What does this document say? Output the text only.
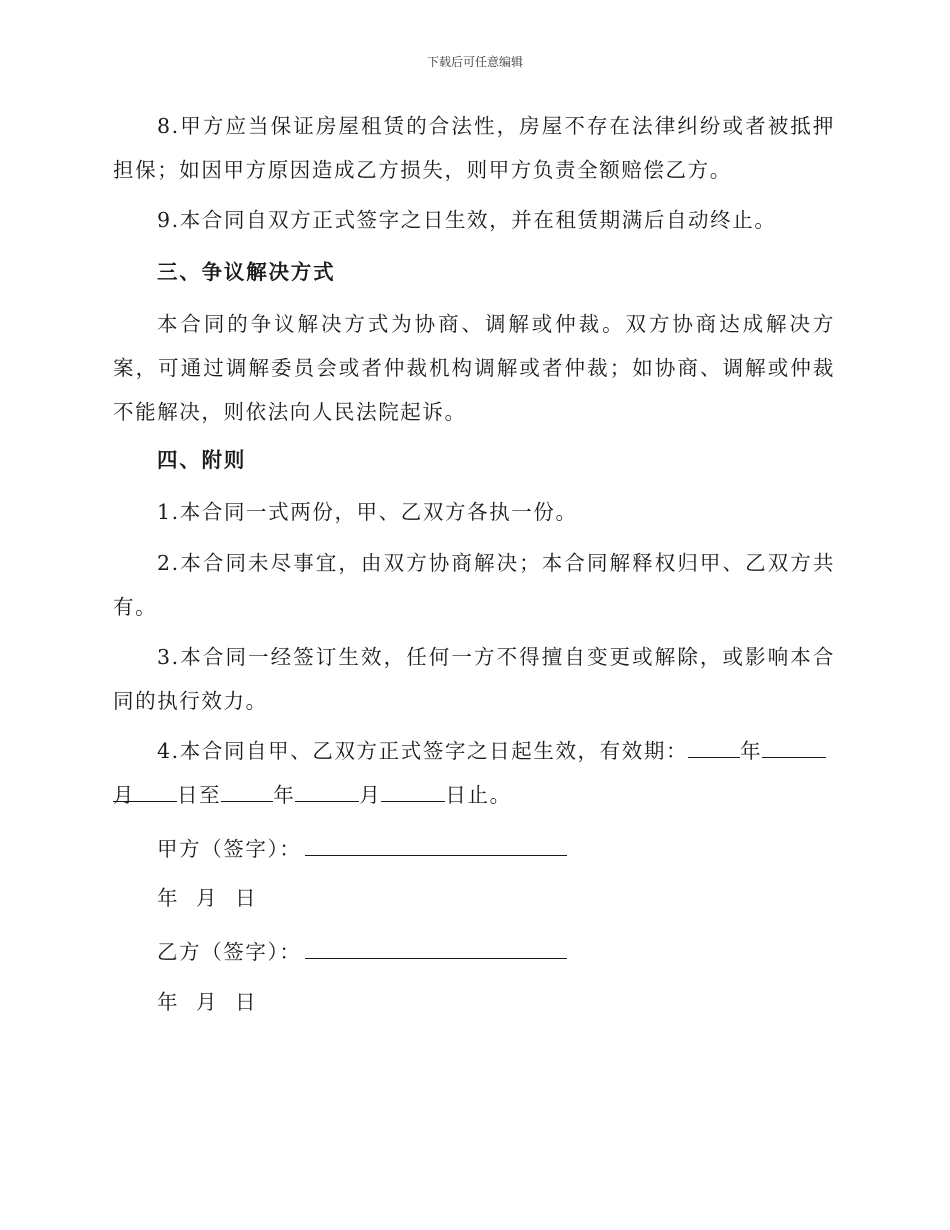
下载后可任意编辑

8.甲方应当保证房屋租赁的合法性，房屋不存在法律纠纷或者被抵押担保；如因甲方原因造成乙方损失，则甲方负责全额赔偿乙方。

9.本合同自双方正式签字之日生效，并在租赁期满后自动终止。

三、争议解决方式

本合同的争议解决方式为协商、调解或仲裁。双方协商达成解决方案，可通过调解委员会或者仲裁机构调解或者仲裁；如协商、调解或仲裁不能解决，则依法向人民法院起诉。

四、附则

1.本合同一式两份，甲、乙双方各执一份。

2.本合同未尽事宜，由双方协商解决；本合同解释权归甲、乙双方共有。

3.本合同一经签订生效，任何一方不得擅自变更或解除，或影响本合同的执行效力。

4.本合同自甲、乙双方正式签字之日起生效，有效期：	年月	日至	年	月	日止。

甲方（签字）：

年 月 日

乙方（签字）：

年 月 日
